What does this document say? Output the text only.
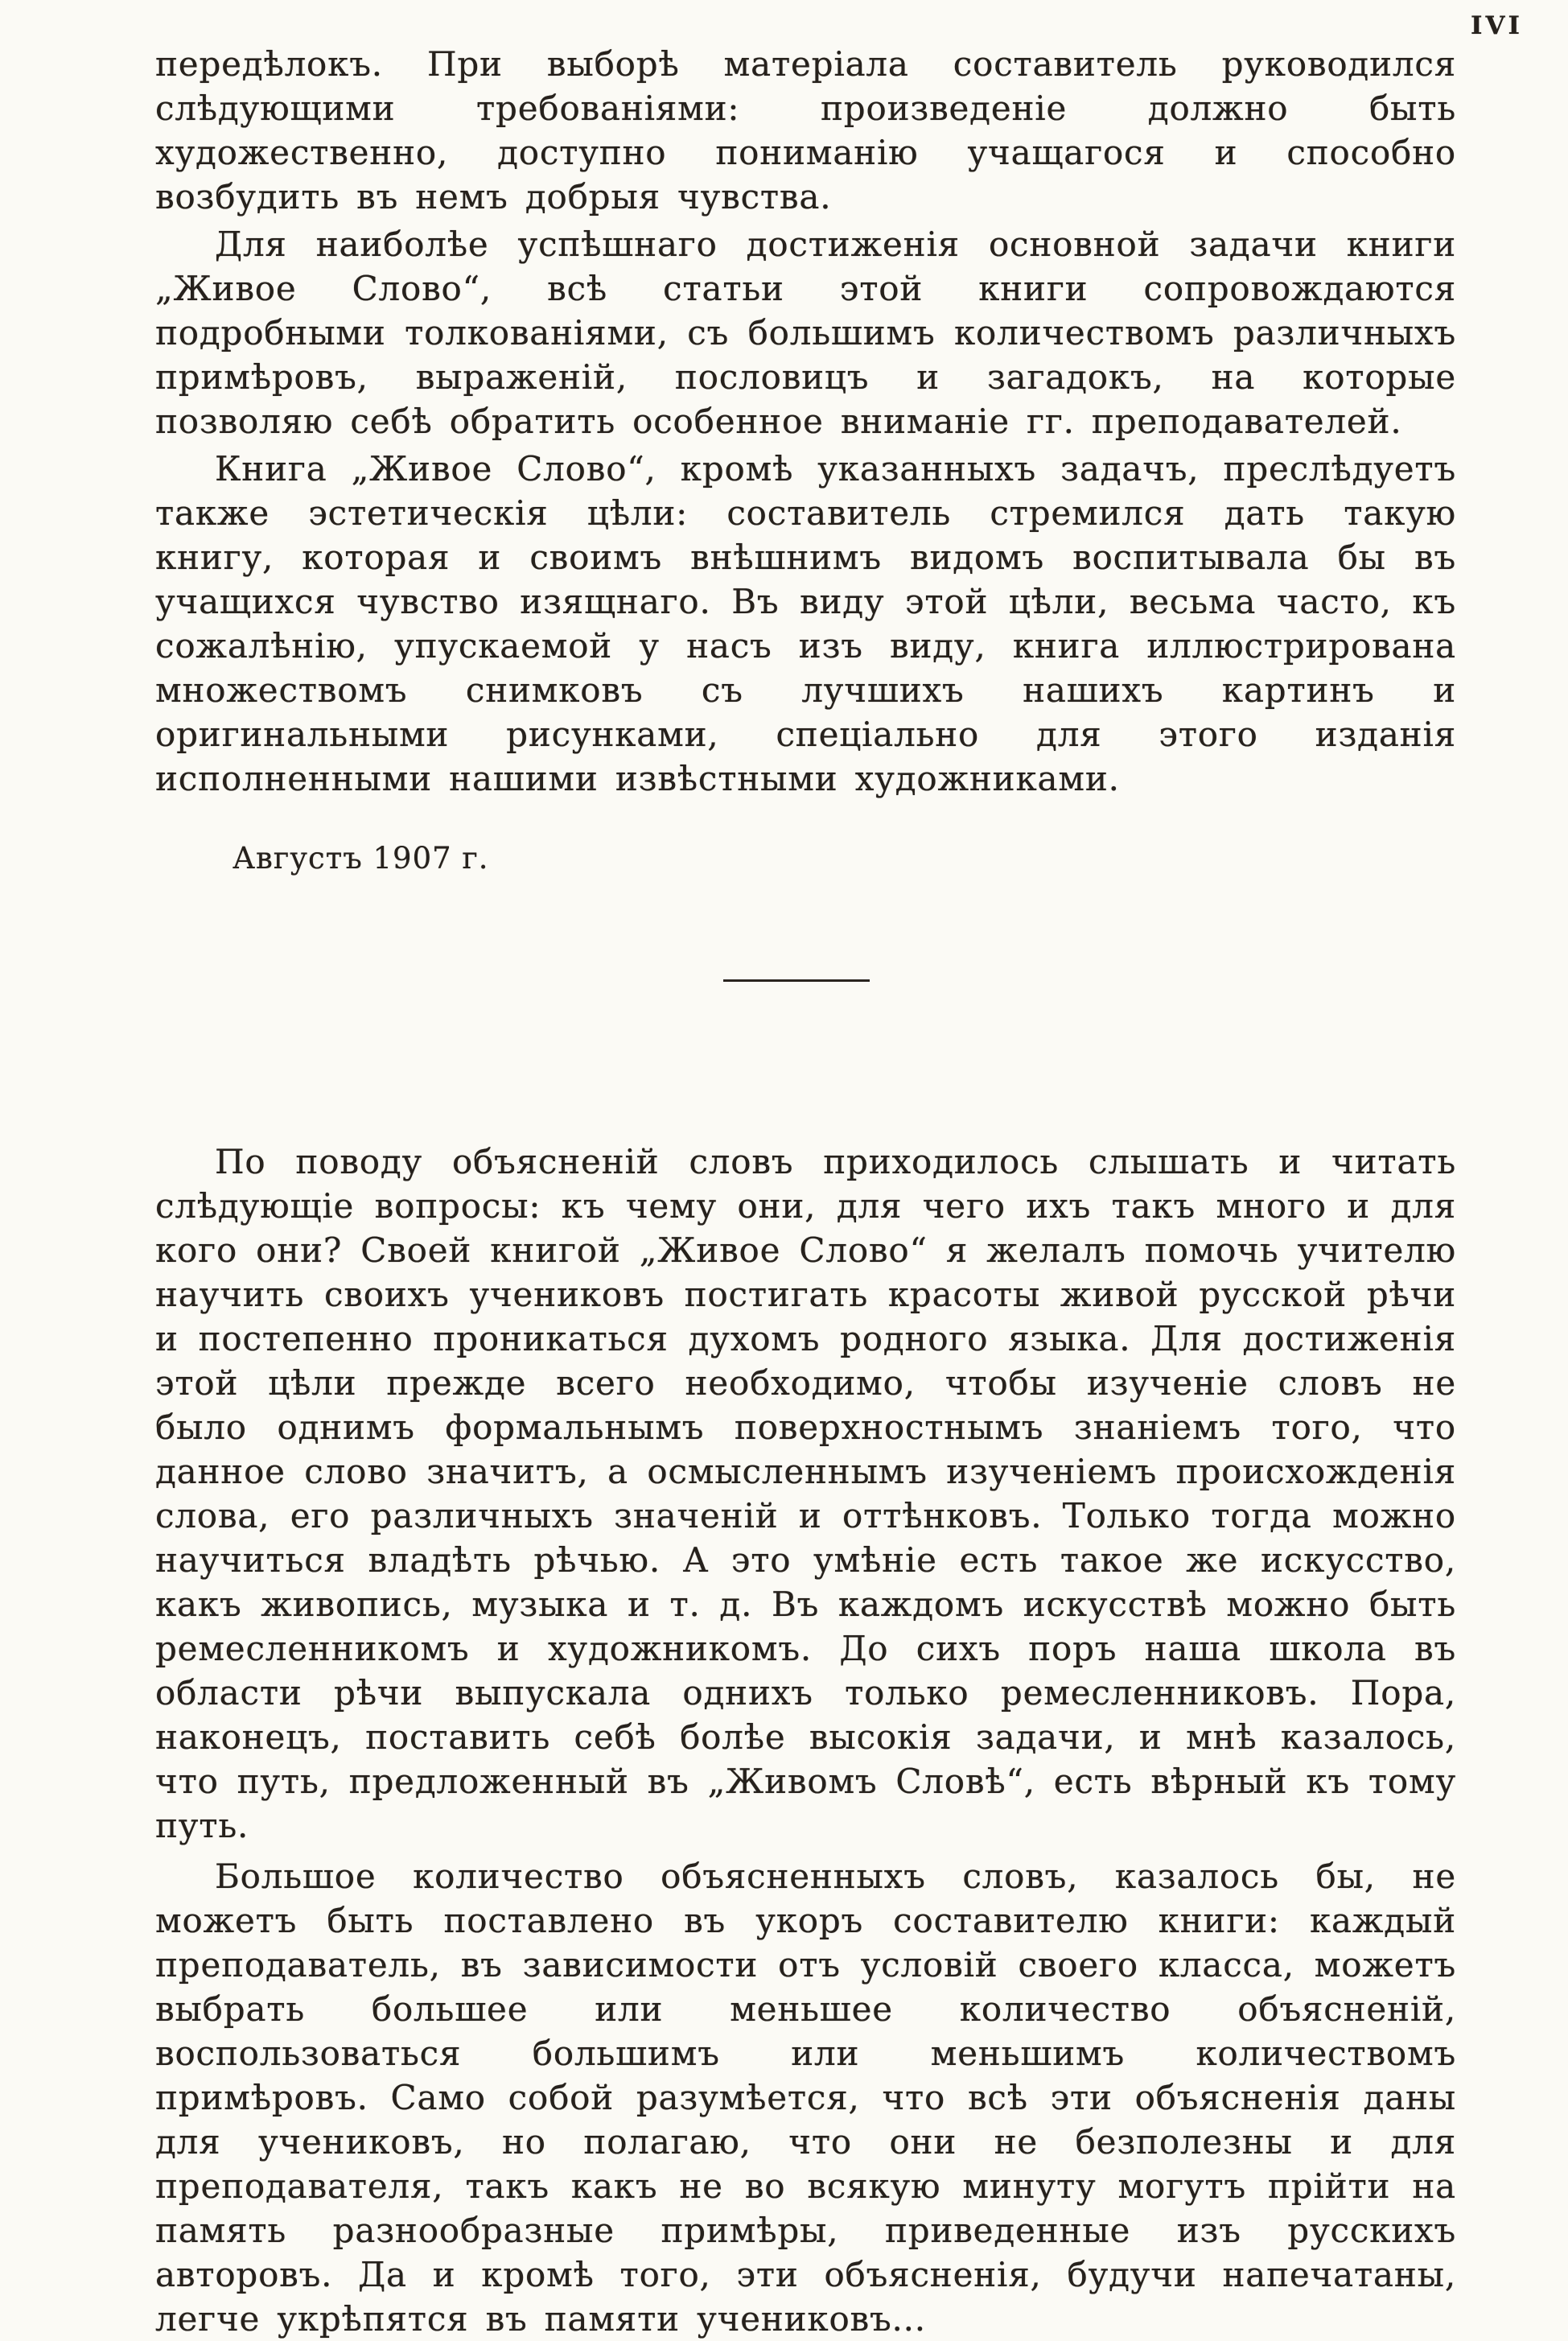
IVI

передѣлокъ. При выборѣ матеріала составитель руководился слѣдующими требованіями: произведеніе должно быть художественно, доступно пониманію учащагося и способно возбудить въ немъ добрыя чувства.

Для наиболѣе успѣшнаго достиженія основной задачи книги „Живое Слово“, всѣ статьи этой книги сопровождаются подробными толкованіями, съ большимъ количествомъ различныхъ примѣровъ, выраженій, пословицъ и загадокъ, на которые позволяю себѣ обратить особенное вниманіе гг. преподавателей.

Книга „Живое Слово“, кромѣ указанныхъ задачъ, преслѣдуетъ также эстетическія цѣли: составитель стремился дать такую книгу, которая и своимъ внѣшнимъ видомъ воспитывала бы въ учащихся чувство изящнаго. Въ виду этой цѣли, весьма часто, къ сожалѣнію, упускаемой у насъ изъ виду, книга иллюстрирована множествомъ снимковъ съ лучшихъ нашихъ картинъ и оригинальными рисунками, спеціально для этого изданія исполненными нашими извѣстными художниками.

Августъ 1907 г.

По поводу объясненій словъ приходилось слышать и читать слѣдующіе вопросы: къ чему они, для чего ихъ такъ много и для кого они? Своей книгой „Живое Слово“ я желалъ помочь учителю научить своихъ учениковъ постигать красоты живой русской рѣчи и постепенно проникаться духомъ родного языка. Для достиженія этой цѣли прежде всего необходимо, чтобы изученіе словъ не было однимъ формальнымъ поверхностнымъ знаніемъ того, что данное слово значитъ, а осмысленнымъ изученіемъ происхожденія слова, его различныхъ значеній и оттѣнковъ. Только тогда можно научиться владѣть рѣчью. А это умѣніе есть такое же искусство, какъ живопись, музыка и т. д. Въ каждомъ искусствѣ можно быть ремесленникомъ и художникомъ. До сихъ поръ наша школа въ области рѣчи выпускала однихъ только ремесленниковъ. Пора, наконецъ, поставить себѣ болѣе высокія задачи, и мнѣ казалось, что путь, предложенный въ „Живомъ Словѣ“, есть вѣрный къ тому путь.

Большое количество объясненныхъ словъ, казалось бы, не можетъ быть поставлено въ укоръ составителю книги: каждый преподаватель, въ зависимости отъ условій своего класса, можетъ выбрать большее или меньшее количество объясненій, воспользоваться большимъ или меньшимъ количествомъ примѣровъ. Само собой разумѣется, что всѣ эти объясненія даны для учениковъ, но полагаю, что они не безполезны и для преподавателя, такъ какъ не во всякую минуту могутъ прійти на память разнообразные примѣры, приведенные изъ русскихъ авторовъ. Да и кромѣ того, эти объясненія, будучи напечатаны, легче укрѣпятся въ памяти учениковъ...
